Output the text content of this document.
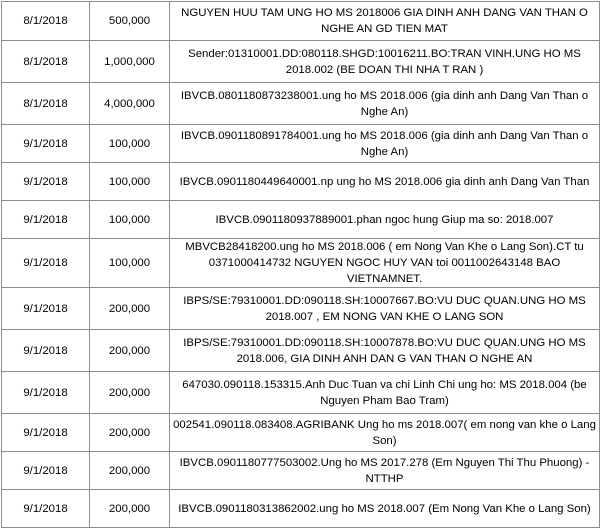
8/1/2018	500,000	NGUYEN HUU TAM UNG HO MS 2018006 GIA DINH ANH DANG VAN THAN O NGHE AN GD TIEN MAT
8/1/2018	1,000,000	Sender:01310001.DD:080118.SHGD:10016211.BO:TRAN VINH.UNG HO MS 2018.002 (BE DOAN THI NHA T RAN )
8/1/2018	4,000,000	IBVCB.0801180873238001.ung ho MS 2018.006 (gia dinh anh Dang Van Than o Nghe An)
9/1/2018	100,000	IBVCB.0901180891784001.ung ho MS 2018.006 (gia dinh anh Dang Van Than o Nghe An)
9/1/2018	100,000	IBVCB.0901180449640001.np ung ho MS 2018.006 gia dinh anh Dang Van Than
9/1/2018	100,000	IBVCB.0901180937889001.phan ngoc hung Giup ma so: 2018.007
9/1/2018	100,000	MBVCB28418200.ung ho MS 2018.006 ( em Nong Van Khe o Lang Son).CT tu 0371000414732 NGUYEN NGOC HUY VAN toi 0011002643148 BAO VIETNAMNET.
9/1/2018	200,000	IBPS/SE:79310001.DD:090118.SH:10007667.BO:VU DUC QUAN.UNG HO MS 2018.007 , EM NONG VAN KHE O LANG SON
9/1/2018	200,000	IBPS/SE:79310001.DD:090118.SH:10007878.BO:VU DUC QUAN.UNG HO MS 2018.006, GIA DINH ANH DAN G VAN THAN O NGHE AN
9/1/2018	200,000	647030.090118.153315.Anh Duc Tuan va chi Linh Chi ung ho: MS 2018.004 (be Nguyen Pham Bao Tram)
9/1/2018	200,000	002541.090118.083408.AGRIBANK Ung ho ms 2018.007( em nong van khe o Lang Son)
9/1/2018	200,000	IBVCB.0901180777503002.Ung ho MS 2017.278 (Em Nguyen Thi Thu Phuong) - NTTHP
9/1/2018	200,000	IBVCB.0901180313862002.ung ho MS 2018.007 (Em Nong Van Khe o Lang Son)
